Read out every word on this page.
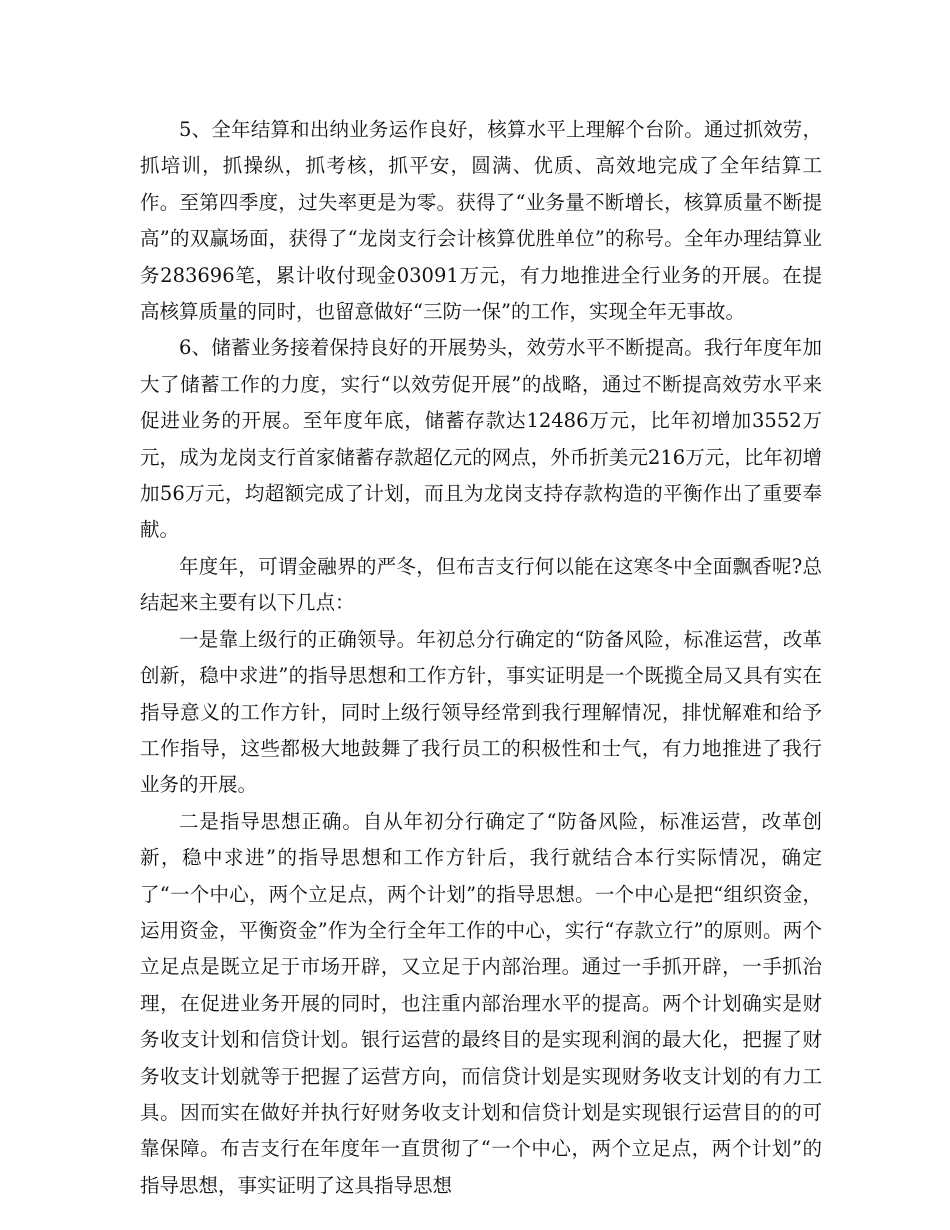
5、全年结算和出纳业务运作良好，核算水平上理解个台阶。通过抓效劳，抓培训，抓操纵，抓考核，抓平安，圆满、优质、高效地完成了全年结算工作。至第四季度，过失率更是为零。获得了“业务量不断增长，核算质量不断提高”的双赢场面，获得了“龙岗支行会计核算优胜单位”的称号。全年办理结算业务283696笔，累计收付现金03091万元，有力地推进全行业务的开展。在提高核算质量的同时，也留意做好“三防一保”的工作，实现全年无事故。

6、储蓄业务接着保持良好的开展势头，效劳水平不断提高。我行年度年加大了储蓄工作的力度，实行“以效劳促开展”的战略，通过不断提高效劳水平来促进业务的开展。至年度年底，储蓄存款达12486万元，比年初增加3552万元，成为龙岗支行首家储蓄存款超亿元的网点，外币折美元216万元，比年初增加56万元，均超额完成了计划，而且为龙岗支持存款构造的平衡作出了重要奉献。

年度年，可谓金融界的严冬，但布吉支行何以能在这寒冬中全面飘香呢?总结起来主要有以下几点：

一是靠上级行的正确领导。年初总分行确定的“防备风险，标准运营，改革创新，稳中求进”的指导思想和工作方针，事实证明是一个既揽全局又具有实在指导意义的工作方针，同时上级行领导经常到我行理解情况，排忧解难和给予工作指导，这些都极大地鼓舞了我行员工的积极性和士气，有力地推进了我行业务的开展。

二是指导思想正确。自从年初分行确定了“防备风险，标准运营，改革创新，稳中求进”的指导思想和工作方针后，我行就结合本行实际情况，确定了“一个中心，两个立足点，两个计划”的指导思想。一个中心是把“组织资金，运用资金，平衡资金”作为全行全年工作的中心，实行“存款立行”的原则。两个立足点是既立足于市场开辟，又立足于内部治理。通过一手抓开辟，一手抓治理，在促进业务开展的同时，也注重内部治理水平的提高。两个计划确实是财务收支计划和信贷计划。银行运营的最终目的是实现利润的最大化，把握了财务收支计划就等于把握了运营方向，而信贷计划是实现财务收支计划的有力工具。因而实在做好并执行好财务收支计划和信贷计划是实现银行运营目的的可靠保障。布吉支行在年度年一直贯彻了“一个中心，两个立足点，两个计划”的指导思想，事实证明了这具指导思想
